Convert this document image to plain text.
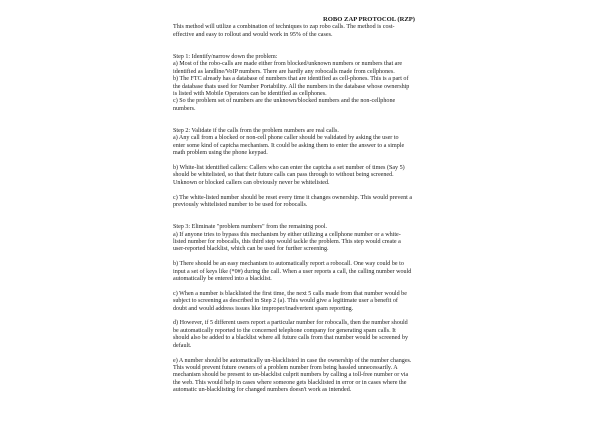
ROBO ZAP PROTOCOL (RZP)
This method will utilize a combination of techniques to zap robo calls. The method is cost-
effective and easy to rollout and would work in 95% of the cases.

Step 1: Identify/narrow down the problem:

a) Most of the robo-calls are made either from blocked/unknown numbers or numbers that are
identified as landline/VoIP numbers. There are hardly any robocalls made from cellphones.
b) The FTC already has a database of numbers that are identified as cell-phones. This is a part of
the database thats used for Number Portability. All the numbers in the database whose ownership
is listed with Mobile Operators can be identified as cellphones.
c) So the problem set of numbers are the unknown/blocked numbers and the non-cellphone
numbers.

Step 2: Validate if the calls from the problem numbers are real calls.

a) Any call from a blocked or non-cell phone caller should be validated by asking the user to
enter some kind of captcha mechanism. It could be asking them to enter the answer to a simple
math problem using the phone keypad.
b) White-list identified callers: Callers who can enter the captcha a set number of times (Say 5)
should be whitelisted, so that their future calls can pass through to without being screened.
Unknown or blocked callers can obviously never be whitelisted.
c) The white-listed number should be reset every time it changes ownership. This would prevent a
previously whitelisted number to be used for robocalls.

Step 3: Eliminate "problem numbers" from the remaining pool.

a) If anyone tries to bypass this mechanism by either utilizing a cellphone number or a white-
listed number for robocalls, this third step would tackle the problem. This step would create a
user-reported blacklist, which can be used for further screening.
b) There should be an easy mechanism to automatically report a robocall. One way could be to
input a set of keys like (*0#) during the call. When a user reports a call, the calling number would
automatically be entered into a blacklist.
c) When a number is blacklisted the first time, the next 5 calls made from that number would be
subject to screening as described in Step 2 (a). This would give a legitimate user a benefit of
doubt and would address issues like improper/inadvertent spam reporting.
d) However, if 5 different users report a particular number for robocalls, then the number should
be automatically reported to the concerned telephone company for generating spam calls. It
should also be added to a blacklist where all future calls from that number would be screened by
default.
e) A number should be automatically un-blacklisted in case the ownership of the number changes.
This would prevent future owners of a problem number from being hassled unnecessarily. A
mechanism should be present to un-blacklist culprit numbers by calling a toll-free number or via
the web. This would help in cases where someone gets blacklisted in error or in cases where the
automatic un-blacklisting for changed numbers doesn't work as intended.
